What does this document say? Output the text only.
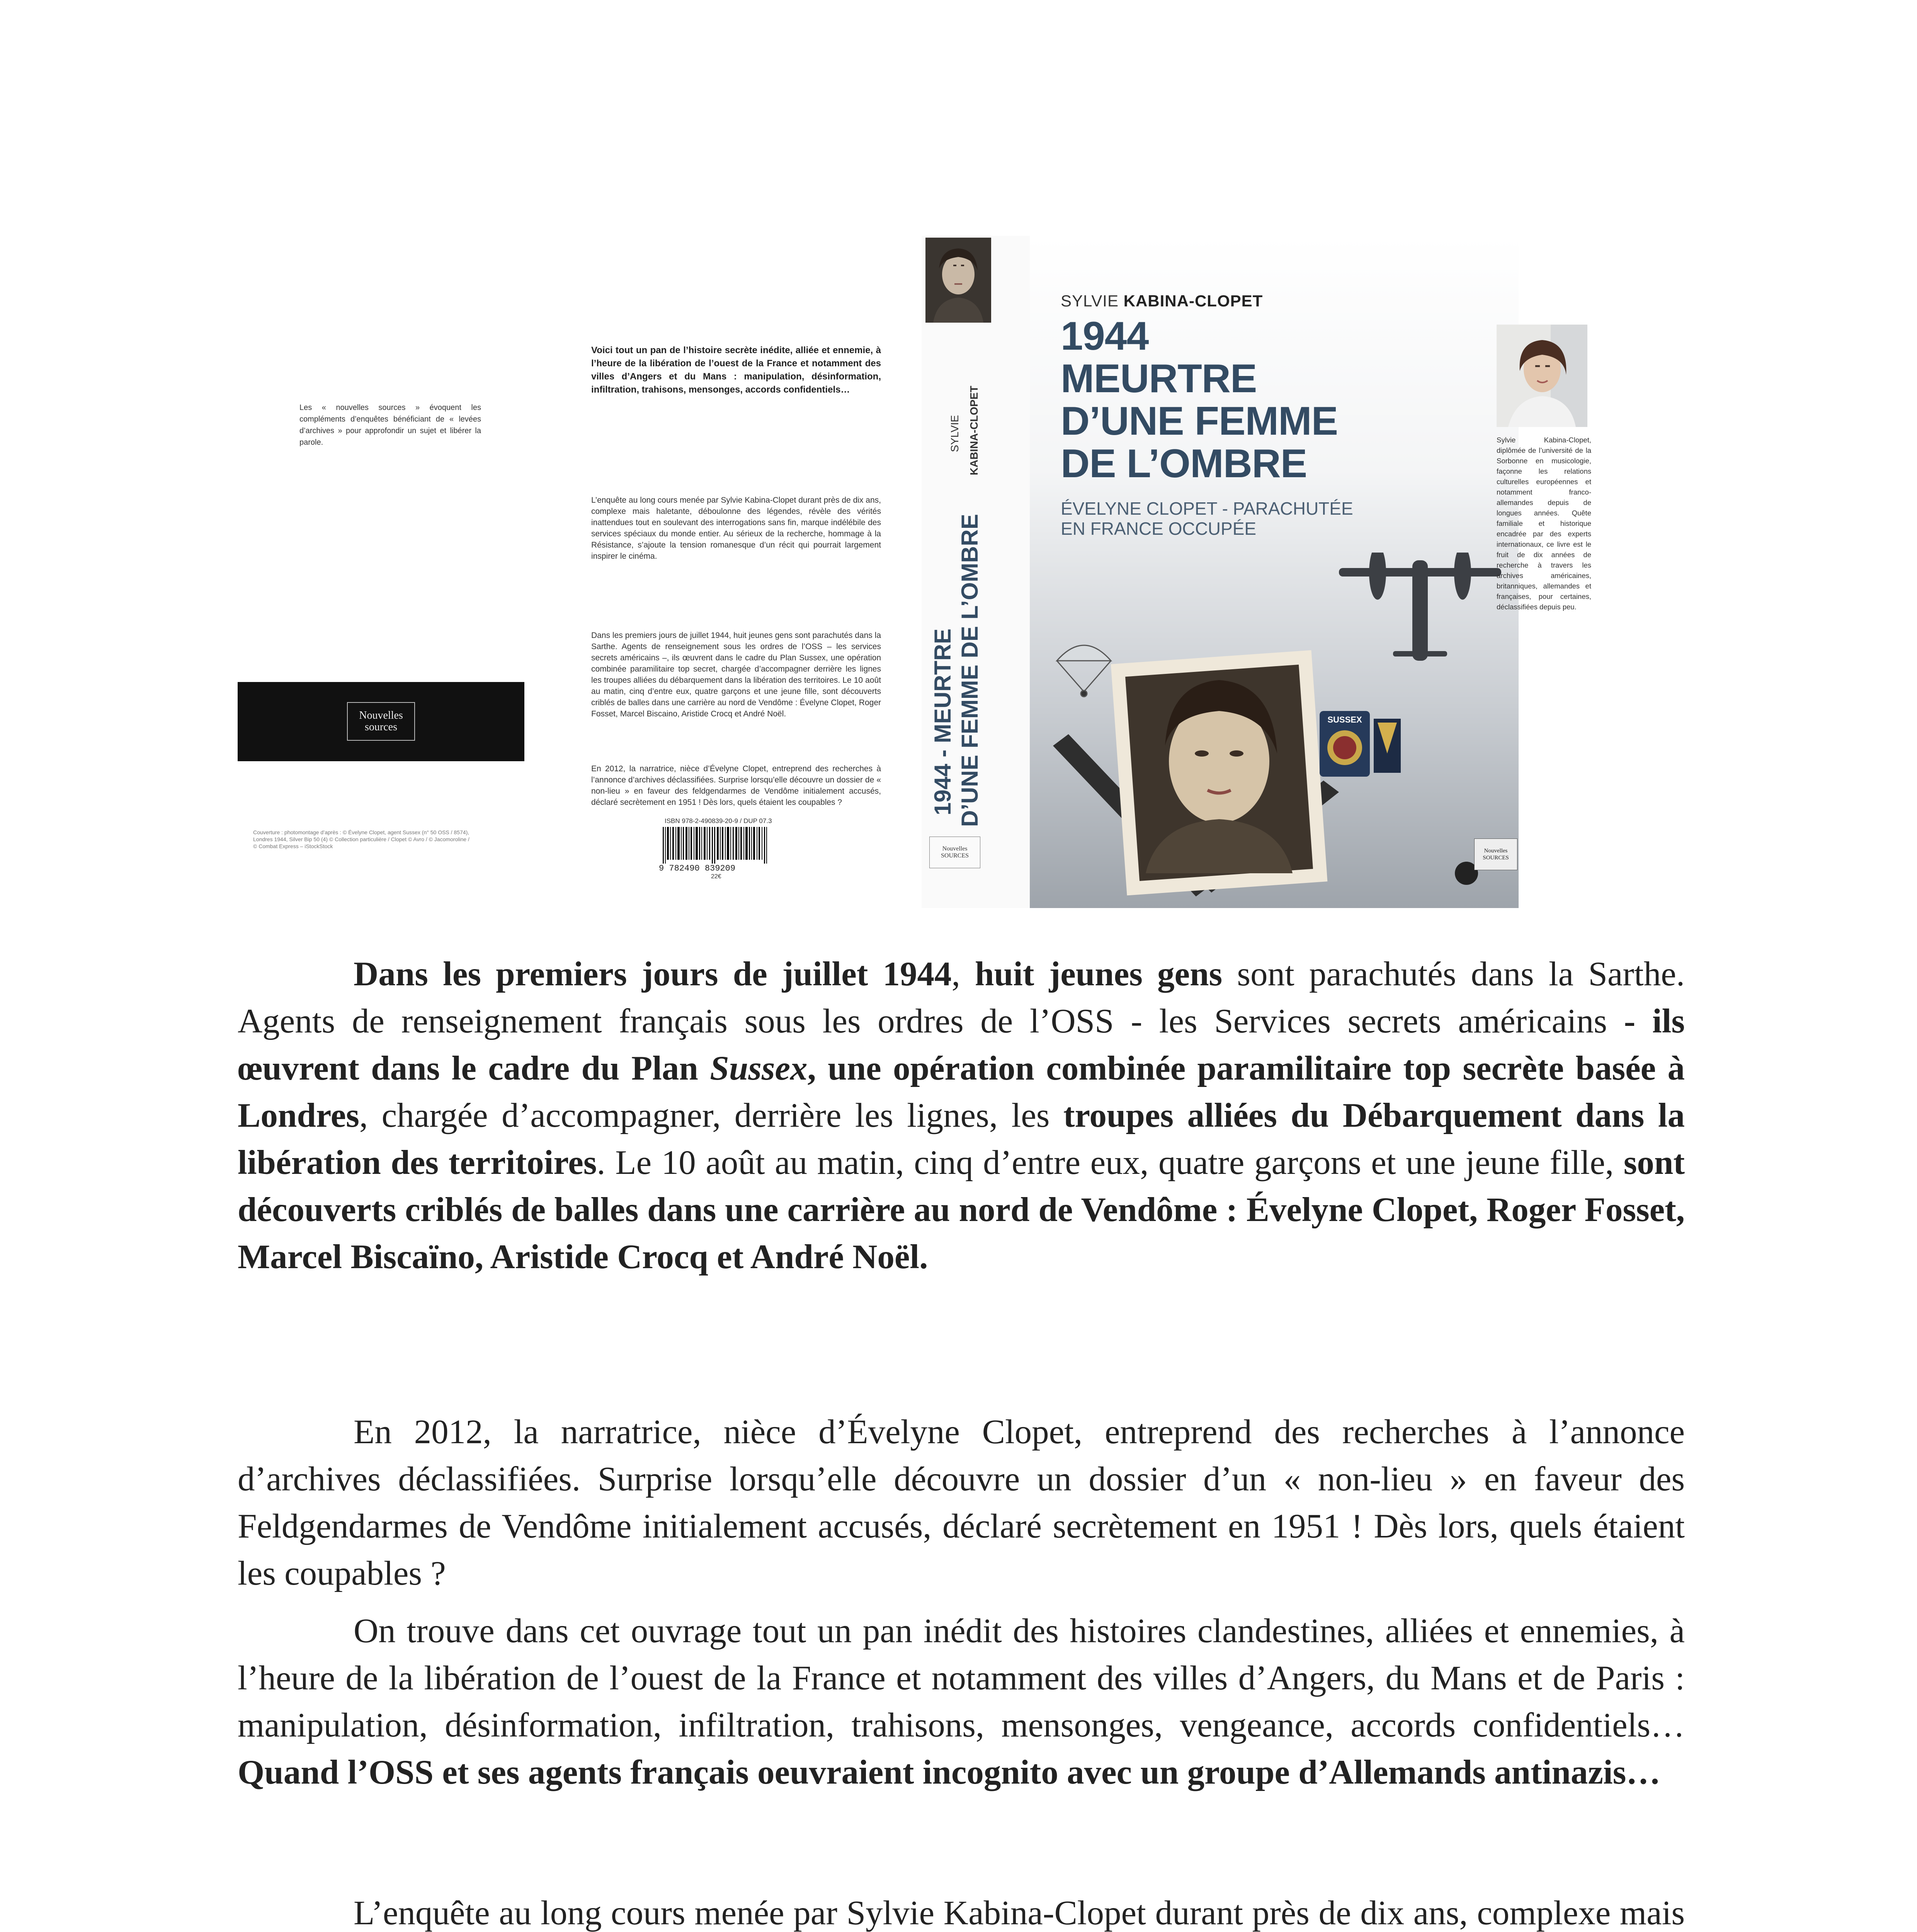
Les « nouvelles sources » évoquent les compléments d’enquêtes bénéficiant de « levées d’archives » pour approfondir un sujet et libérer la parole.
Nouvelles
sources
Couverture : photomontage d’après : © Évelyne Clopet, agent Sussex (n° 50 OSS / 8574), Londres 1944, Silver Bip 50 (4) © Collection particulière / Clopet © Avro / © Jacomoroline / © Combat Express – iStockStock
Voici tout un pan de l’histoire secrète inédite, alliée et ennemie, à l’heure de la libération de l’ouest de la France et notamment des villes d’Angers et du Mans : manipulation, désinformation, infiltration, trahisons, mensonges, accords confidentiels…
L’enquête au long cours menée par Sylvie Kabina-Clopet durant près de dix ans, complexe mais haletante, déboulonne des légendes, révèle des vérités inattendues tout en soulevant des interrogations sans fin, marque indélébile des services spéciaux du monde entier. Au sérieux de la recherche, hommage à la Résistance, s’ajoute la tension romanesque d’un récit qui pourrait largement inspirer le cinéma.
Dans les premiers jours de juillet 1944, huit jeunes gens sont parachutés dans la Sarthe. Agents de renseignement sous les ordres de l’OSS – les services secrets américains –, ils œuvrent dans le cadre du Plan Sussex, une opération combinée paramilitaire top secret, chargée d’accompagner derrière les lignes les troupes alliées du débarquement dans la libération des territoires. Le 10 août au matin, cinq d’entre eux, quatre garçons et une jeune fille, sont découverts criblés de balles dans une carrière au nord de Vendôme : Évelyne Clopet, Roger Fosset, Marcel Biscaino, Aristide Crocq et André Noël.
En 2012, la narratrice, nièce d’Évelyne Clopet, entreprend des recherches à l’annonce d’archives déclassifiées. Surprise lorsqu’elle découvre un dossier de « non-lieu » en faveur des feldgendarmes de Vendôme initialement accusés, déclaré secrètement en 1951 ! Dès lors, quels étaient les coupables ?
ISBN 978-2-490839-20-9 / DUP 07.3
9 782490 839209
22€
SYLVIE KABINA-CLOPET
1944 - MEURTRE D’UNE FEMME DE L’OMBRE
Nouvelles
SOURCES
SYLVIE KABINA-CLOPET
1944
MEURTRE
D’UNE FEMME
DE L’OMBRE
ÉVELYNE CLOPET - PARACHUTÉE
EN FRANCE OCCUPÉE
SUSSEX
Nouvelles
SOURCES
Sylvie Kabina-Clopet, diplômée de l’université de la Sorbonne en musicologie, façonne les relations culturelles européennes et notamment franco-allemandes depuis de longues années. Quête familiale et historique encadrée par des experts internationaux, ce livre est le fruit de dix années de recherche à travers les archives américaines, britanniques, allemandes et françaises, pour certaines, déclassifiées depuis peu.

Dans les premiers jours de juillet 1944, huit jeunes gens sont parachutés dans la Sarthe. Agents de renseignement français sous les ordres de l’OSS - les Services secrets américains - ils œuvrent dans le cadre du Plan Sussex, une opération combinée paramilitaire top secrète basée à Londres, chargée d’accompagner, derrière les lignes, les troupes alliées du Débarquement dans la libération des territoires. Le 10 août au matin, cinq d’entre eux, quatre garçons et une jeune fille, sont découverts criblés de balles dans une carrière au nord de Vendôme : Évelyne Clopet, Roger Fosset, Marcel Biscaïno, Aristide Crocq et André Noël.

En 2012, la narratrice, nièce d’Évelyne Clopet, entreprend des recherches à l’annonce d’archives déclassifiées. Surprise lorsqu’elle découvre un dossier d’un « non-lieu » en faveur des Feldgendarmes de Vendôme initialement accusés, déclaré secrètement en 1951 ! Dès lors, quels étaient les coupables ?

On trouve dans cet ouvrage tout un pan inédit des histoires clandestines, alliées et ennemies, à l’heure de la libération de l’ouest de la France et notamment des villes d’Angers, du Mans et de Paris : manipulation, désinformation, infiltration, trahisons, mensonges, vengeance, accords confidentiels… Quand l’OSS et ses agents français oeuvraient incognito avec un groupe d’Allemands antinazis…

L’enquête au long cours menée par Sylvie Kabina-Clopet durant près de dix ans, complexe mais
